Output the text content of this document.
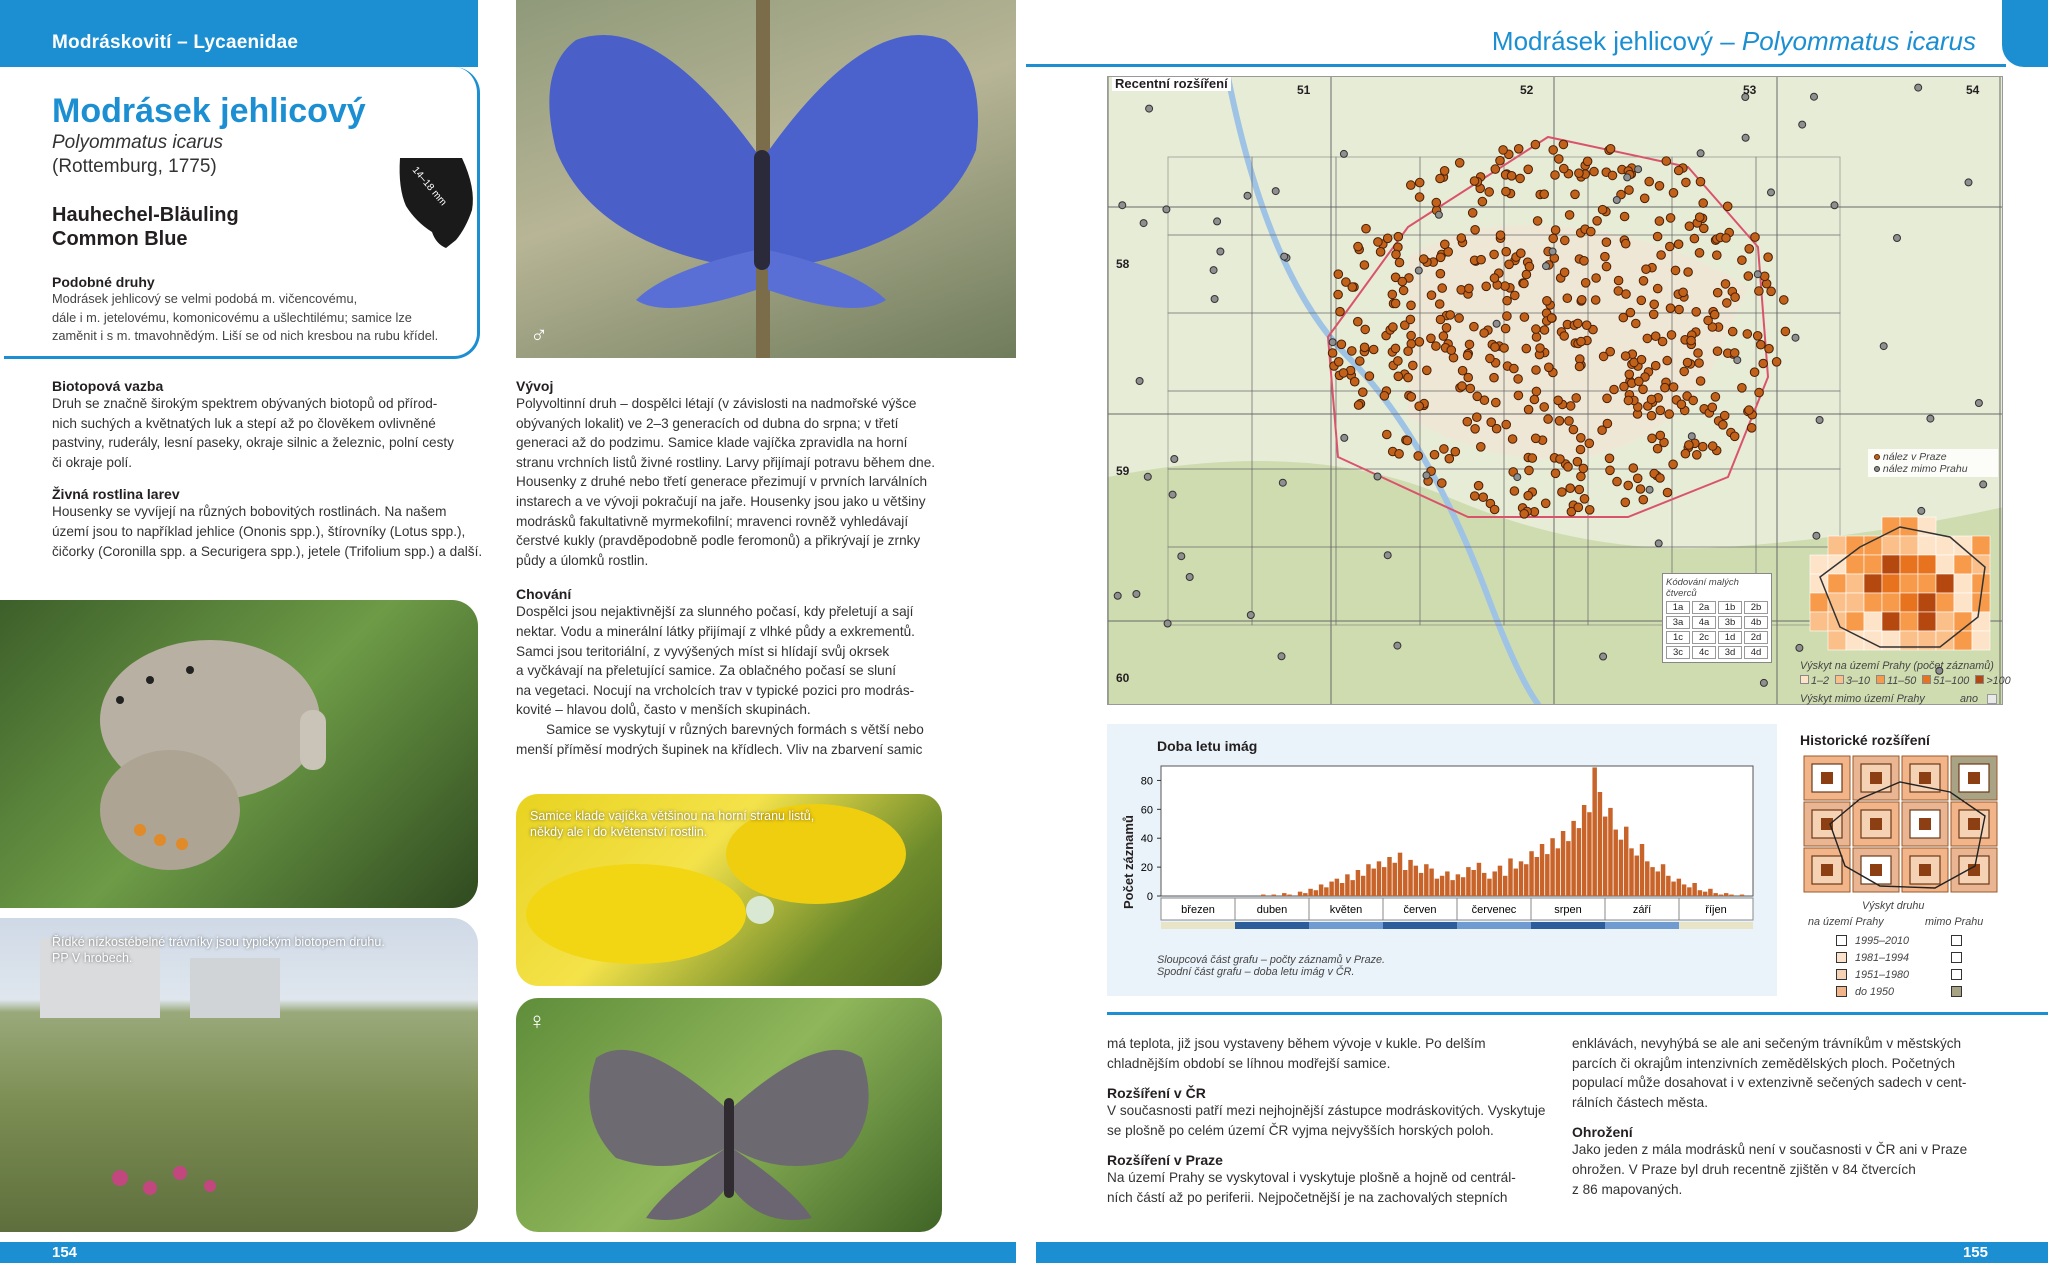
Modráskovití – Lycaenidae
Modrásek jehlicový
Polyommatus icarus
(Rottemburg, 1775)
Hauhechel-Bläuling
Common Blue
14–18 mm
Podobné druhy
Modrásek jehlicový se velmi podobá m. vičencovému,
dále i m. jetelovému, komonicovému a ušlechtilému; samice lze
zaměnit i s m. tmavohnědým. Liší se od nich kresbou na rubu křídel.
Biotopová vazba
Druh se značně širokým spektrem obývaných biotopů od přírod-
nich suchých a květnatých luk a stepí až po člověkem ovlivněné
pastviny, ruderály, lesní paseky, okraje silnic a železnic, polní cesty
či okraje polí.
Živná rostlina larev
Housenky se vyvíjejí na různých bobovitých rostlinách. Na našem
území jsou to například jehlice (Ononis spp.), štírovníky (Lotus spp.),
čičorky (Coronilla spp. a Securigera spp.), jetele (Trifolium spp.) a další.
♂
Řídké nízkostébelné trávníky jsou typickým biotopem druhu. PP V hrobech.
Vývoj
Polyvoltinní druh – dospělci létají (v závislosti na nadmořské výšce
obývaných lokalit) ve 2–3 generacích od dubna do srpna; v třetí
generaci až do podzimu. Samice klade vajíčka zpravidla na horní
stranu vrchních listů živné rostliny. Larvy přijímají potravu během dne.
Housenky z druhé nebo třetí generace přezimují v prvních larválních
instarech a ve vývoji pokračují na jaře. Housenky jsou jako u většiny
modrásků fakultativně myrmekofilní; mravenci rovněž vyhledávají
čerstvé kukly (pravděpodobně podle feromonů) a přikrývají je zrnky
půdy a úlomků rostlin.
Chování
Dospělci jsou nejaktivnější za slunného počasí, kdy přeletují a sají
nektar. Vodu a minerální látky přijímají z vlhké půdy a exkrementů.
Samci jsou teritoriální, z vyvýšených míst si hlídají svůj okrsek
a vyčkávají na přeletující samice. Za oblačného počasí se sluní
na vegetaci. Nocují na vrcholcích trav v typické pozici pro modrás-
kovité – hlavou dolů, často v menších skupinách.
Samice se vyskytují v různých barevných formách s větší nebo
menší příměsí modrých šupinek na křídlech. Vliv na zbarvení samic
Samice klade vajíčka většinou na horní stranu listů, někdy ale i do květenství rostlin.
♀
154
Modrásek jehlicový – Polyommatus icarus
Recentní rozšíření	51	52	53	54
58
59
60
nález v Praze
nález mimo Prahu
Kódování malých čtverců
1a	2a	1b	2b
3a	4a	3b	4b
1c	2c	1d	2d
3c	4c	3d	4d
Výskyt na území Prahy (počet záznamů)
1–2	3–10	11–50	51–100	>100
Výskyt mimo území Prahy	ano
Doba letu imág
0
20
40
60
80
březen	duben	květen	červen	červenec	srpen	září	říjen
Počet záznamů
Sloupcová část grafu – počty záznamů v Praze.
Spodní část grafu – doba letu imág v ČR.
Historické rozšíření
Výskyt druhu
na území Prahy	mimo Prahu
1995–2010
1981–1994
1951–1980
do 1950
má teplota, již jsou vystaveny během vývoje v kukle. Po delším
chladnějším období se líhnou modřejší samice.
Rozšíření v ČR
V současnosti patří mezi nejhojnější zástupce modráskovitých. Vyskytuje
se plošně po celém území ČR vyjma nejvyšších horských poloh.
Rozšíření v Praze
Na území Prahy se vyskytoval i vyskytuje plošně a hojně od centrál-
ních částí až po periferii. Nejpočetnější je na zachovalých stepních
enklávách, nevyhýbá se ale ani sečeným trávníkům v městských
parcích či okrajům intenzivních zemědělských ploch. Početných
populací může dosahovat i v extenzivně sečených sadech v cent-
rálních částech města.
Ohrožení
Jako jeden z mála modrásků není v současnosti v ČR ani v Praze
ohrožen. V Praze byl druh recentně zjištěn v 84 čtvercích
z 86 mapovaných.
155
